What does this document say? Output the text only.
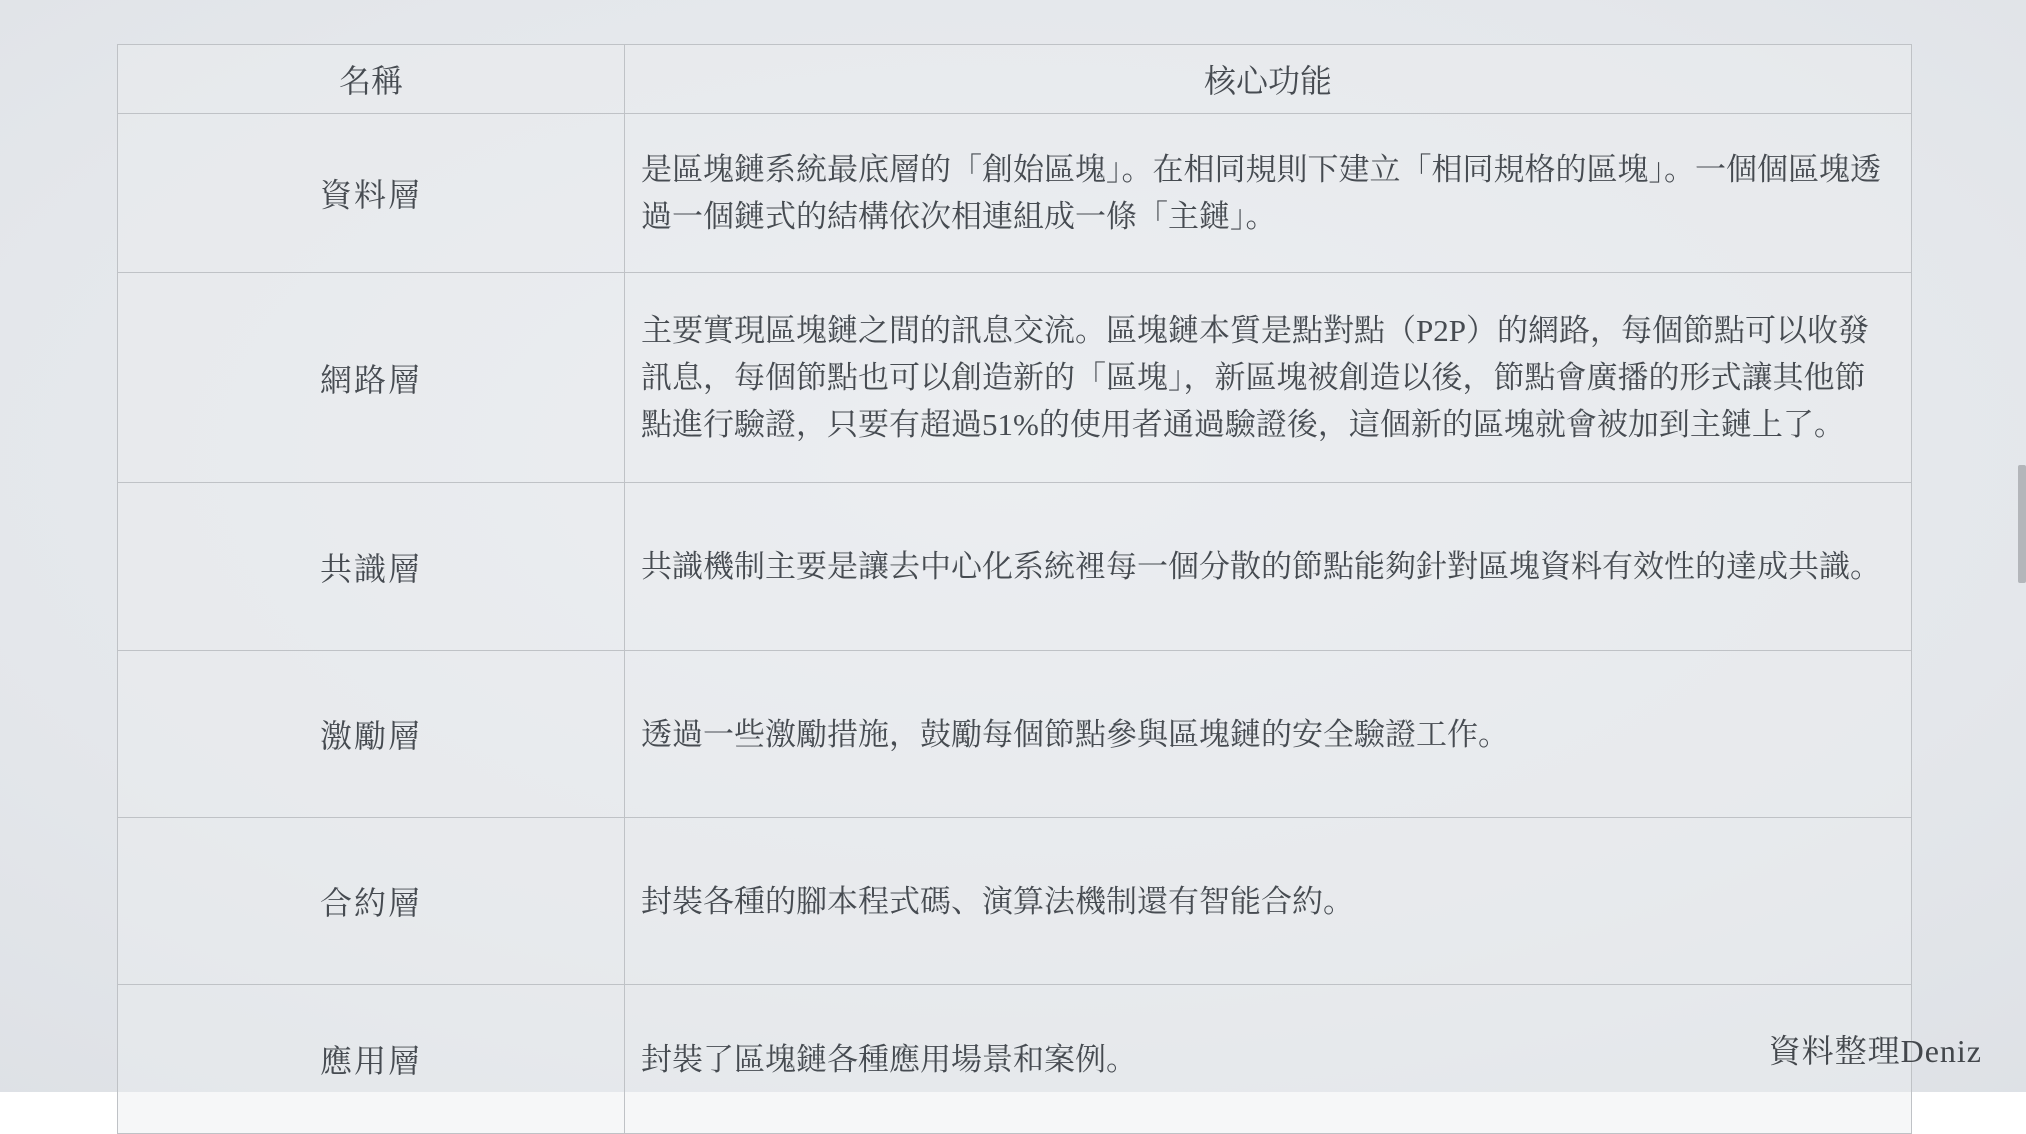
名稱	核心功能
資料層	是區塊鏈系統最底層的「創始區塊」。在相同規則下建立「相同規格的區塊」。一個個區塊透過一個鏈式的結構依次相連組成一條「主鏈」。
網路層	主要實現區塊鏈之間的訊息交流。區塊鏈本質是點對點（P2P）的網路，每個節點可以收發訊息，每個節點也可以創造新的「區塊」，新區塊被創造以後，節點會廣播的形式讓其他節點進行驗證，只要有超過51%的使用者通過驗證後，這個新的區塊就會被加到主鏈上了。
共識層	共識機制主要是讓去中心化系統裡每一個分散的節點能夠針對區塊資料有效性的達成共識。
激勵層	透過一些激勵措施，鼓勵每個節點參與區塊鏈的安全驗證工作。
合約層	封裝各種的腳本程式碼、演算法機制還有智能合約。
應用層	封裝了區塊鏈各種應用場景和案例。	資料整理Deniz
